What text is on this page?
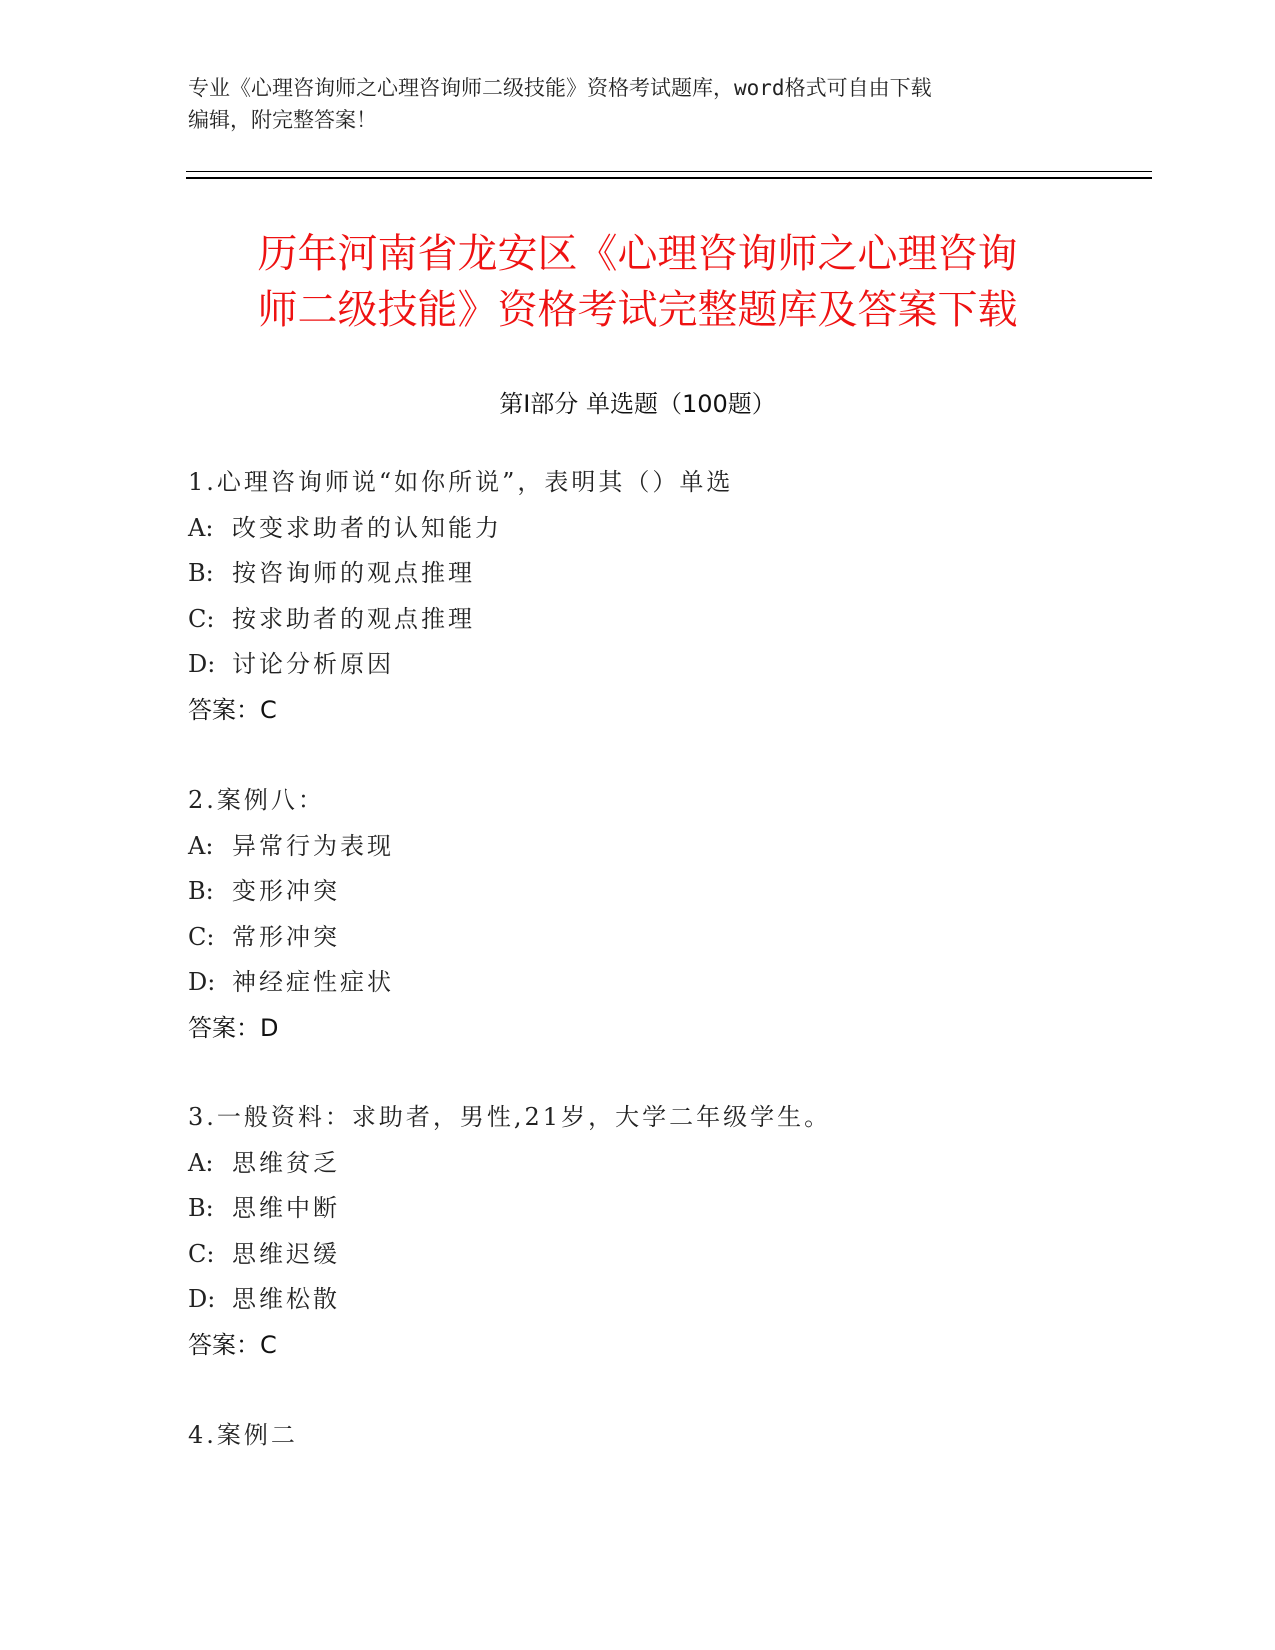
专业《心理咨询师之心理咨询师二级技能》资格考试题库，word格式可自由下载
编辑，附完整答案！
历年河南省龙安区《心理咨询师之心理咨询
师二级技能》资格考试完整题库及答案下载
第Ⅰ部分 单选题（100题）
1.心理咨询师说“如你所说”，表明其（）单选
A: 改变求助者的认知能力
B: 按咨询师的观点推理
C: 按求助者的观点推理
D: 讨论分析原因
答案：C
2.案例八：
A: 异常行为表现
B: 变形冲突
C: 常形冲突
D: 神经症性症状
答案：D
3.一般资料：求助者，男性,21岁，大学二年级学生。
A: 思维贫乏
B: 思维中断
C: 思维迟缓
D: 思维松散
答案：C
4.案例二
